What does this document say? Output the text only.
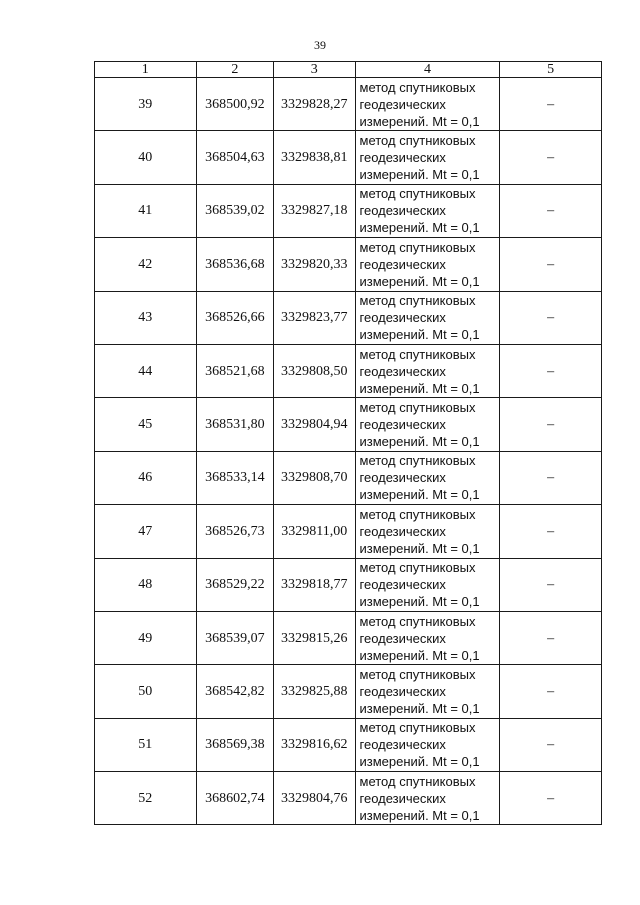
39
1	2	3	4	5
39	368500,92	3329828,27	метод спутниковых
геодезических
измерений. Mt = 0,1	–
40	368504,63	3329838,81	метод спутниковых
геодезических
измерений. Mt = 0,1	–
41	368539,02	3329827,18	метод спутниковых
геодезических
измерений. Mt = 0,1	–
42	368536,68	3329820,33	метод спутниковых
геодезических
измерений. Mt = 0,1	–
43	368526,66	3329823,77	метод спутниковых
геодезических
измерений. Mt = 0,1	–
44	368521,68	3329808,50	метод спутниковых
геодезических
измерений. Mt = 0,1	–
45	368531,80	3329804,94	метод спутниковых
геодезических
измерений. Mt = 0,1	–
46	368533,14	3329808,70	метод спутниковых
геодезических
измерений. Mt = 0,1	–
47	368526,73	3329811,00	метод спутниковых
геодезических
измерений. Mt = 0,1	–
48	368529,22	3329818,77	метод спутниковых
геодезических
измерений. Mt = 0,1	–
49	368539,07	3329815,26	метод спутниковых
геодезических
измерений. Mt = 0,1	–
50	368542,82	3329825,88	метод спутниковых
геодезических
измерений. Mt = 0,1	–
51	368569,38	3329816,62	метод спутниковых
геодезических
измерений. Mt = 0,1	–
52	368602,74	3329804,76	метод спутниковых
геодезических
измерений. Mt = 0,1	–
